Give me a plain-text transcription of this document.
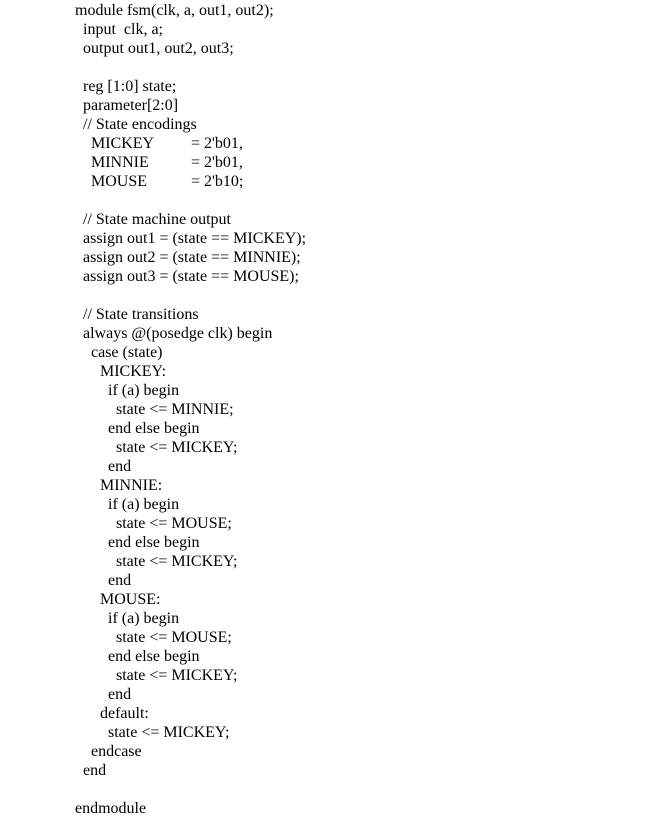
module fsm(clk, a, out1, out2);
input  clk, a;
output out1, out2, out3;
reg [1:0] state;
parameter[2:0]
// State encodings
MICKEY = 2'b01,
MINNIE	= 2'b01,
MOUSE	= 2'b10;
// State machine output
assign out1 = (state == MICKEY);
assign out2 = (state == MINNIE);
assign out3 = (state == MOUSE);
// State transitions
always @(posedge clk) begin
case (state)
MICKEY:
if (a) begin
state <= MINNIE;
end else begin
state <= MICKEY;
end
MINNIE:
if (a) begin
state <= MOUSE;
end else begin
state <= MICKEY;
end
MOUSE:
if (a) begin
state <= MOUSE;
end else begin
state <= MICKEY;
end
default:
state <= MICKEY;
endcase
end
endmodule
